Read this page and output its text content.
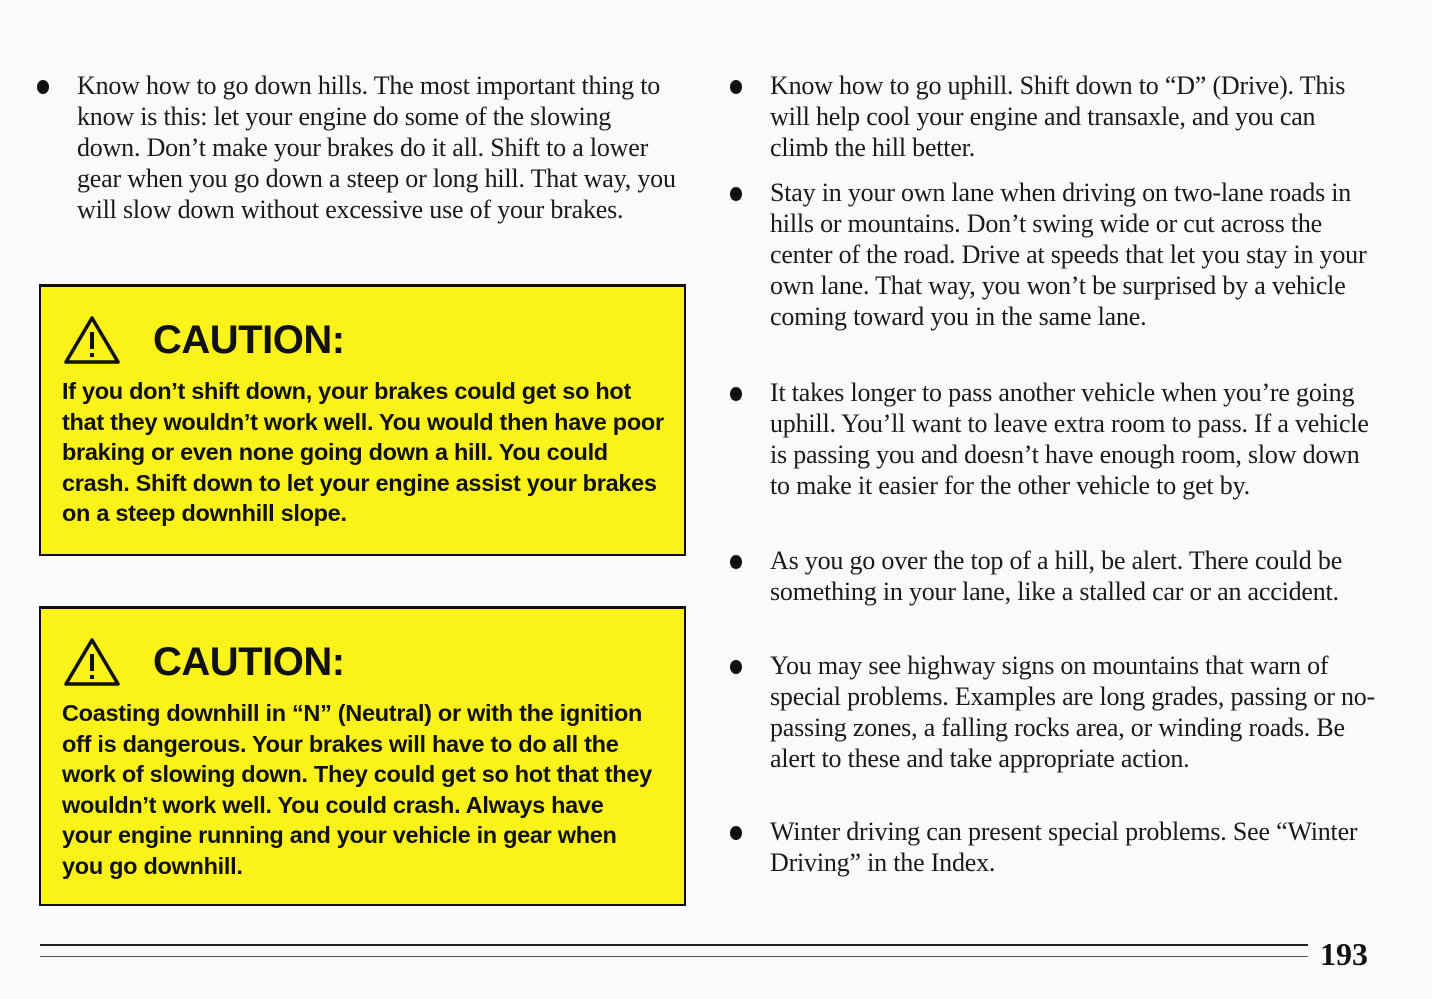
Know how to go down hills. The most important thing to know is this: let your engine do some of the slowing down. Don’t make your brakes do it all. Shift to a lower gear when you go down a steep or long hill. That way, you will slow down without excessive use of your brakes.
CAUTION:
If you don’t shift down, your brakes could get so hot that they wouldn’t work well. You would then have poor braking or even none going down a hill. You could crash. Shift down to let your engine assist your brakes on a steep downhill slope.
CAUTION:
Coasting downhill in “N” (Neutral) or with the ignition off is dangerous. Your brakes will have to do all the work of slowing down. They could get so hot that they wouldn’t work well. You could crash. Always have your engine running and your vehicle in gear when you go downhill.
Know how to go uphill. Shift down to “D” (Drive). This will help cool your engine and transaxle, and you can climb the hill better.
Stay in your own lane when driving on two-lane roads in hills or mountains. Don’t swing wide or cut across the center of the road. Drive at speeds that let you stay in your own lane. That way, you won’t be surprised by a vehicle coming toward you in the same lane.
It takes longer to pass another vehicle when you’re going uphill. You’ll want to leave extra room to pass. If a vehicle is passing you and doesn’t have enough room, slow down to make it easier for the other vehicle to get by.
As you go over the top of a hill, be alert. There could be something in your lane, like a stalled car or an accident.
You may see highway signs on mountains that warn of special problems. Examples are long grades, passing or no-passing zones, a falling rocks area, or winding roads. Be alert to these and take appropriate action.
Winter driving can present special problems. See “Winter Driving” in the Index.
193
